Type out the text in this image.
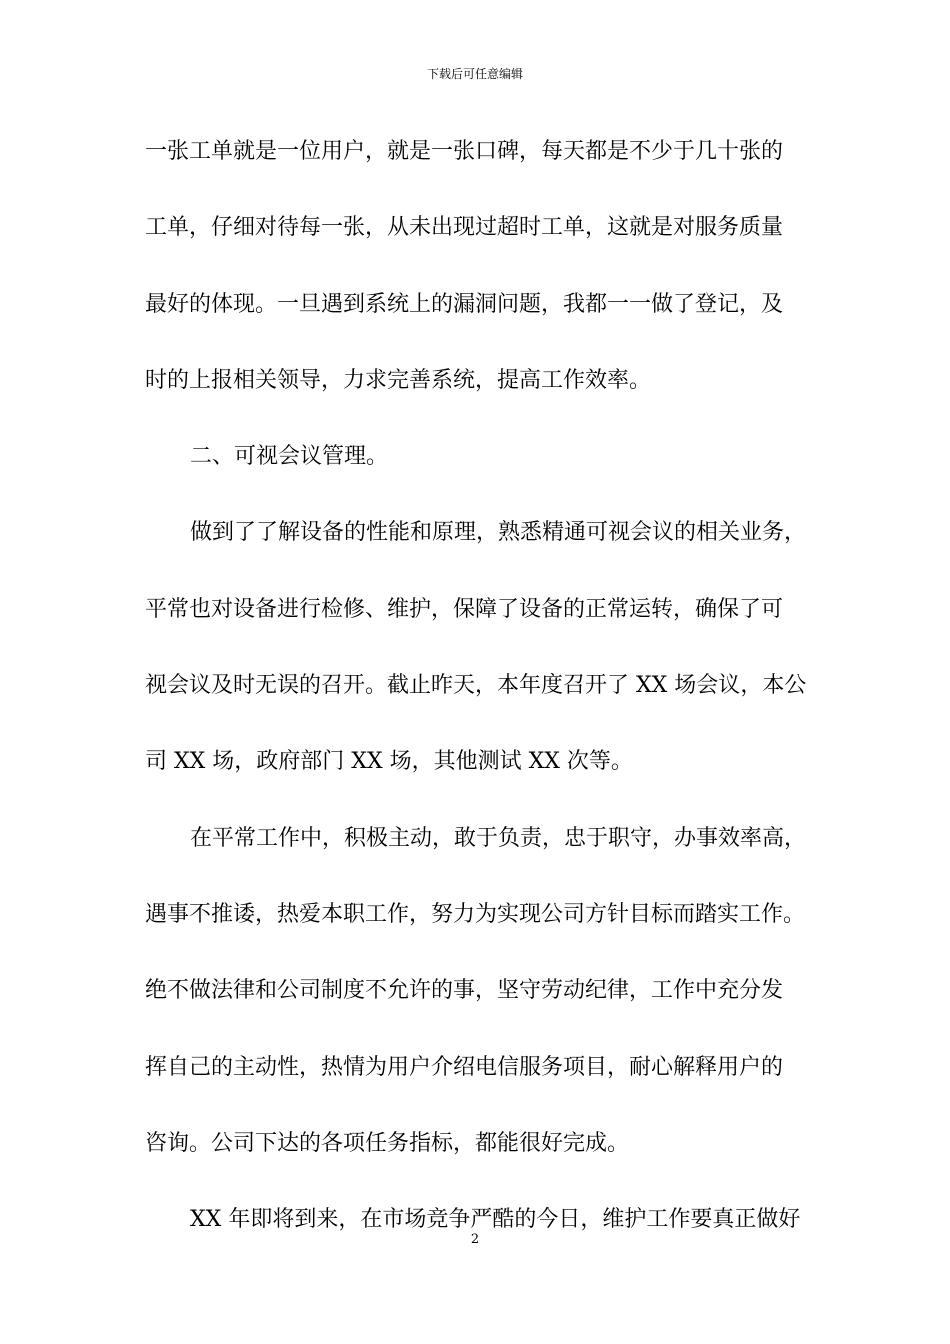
下载后可任意编辑
一张工单就是一位用户，就是一张口碑，每天都是不少于几十张的
工单，仔细对待每一张，从未出现过超时工单，这就是对服务质量
最好的体现。一旦遇到系统上的漏洞问题，我都一一做了登记，及
时的上报相关领导，力求完善系统，提高工作效率。
二、可视会议管理。
做到了了解设备的性能和原理，熟悉精通可视会议的相关业务，
平常也对设备进行检修、维护，保障了设备的正常运转，确保了可
视会议及时无误的召开。截止昨天，本年度召开了 XX 场会议，本公
司 XX 场，政府部门 XX 场，其他测试 XX 次等。
在平常工作中，积极主动，敢于负责，忠于职守，办事效率高，
遇事不推诿，热爱本职工作，努力为实现公司方针目标而踏实工作。
绝不做法律和公司制度不允许的事，坚守劳动纪律，工作中充分发
挥自己的主动性，热情为用户介绍电信服务项目，耐心解释用户的
咨询。公司下达的各项任务指标，都能很好完成。
XX 年即将到来，在市场竞争严酷的今日，维护工作要真正做好
2
